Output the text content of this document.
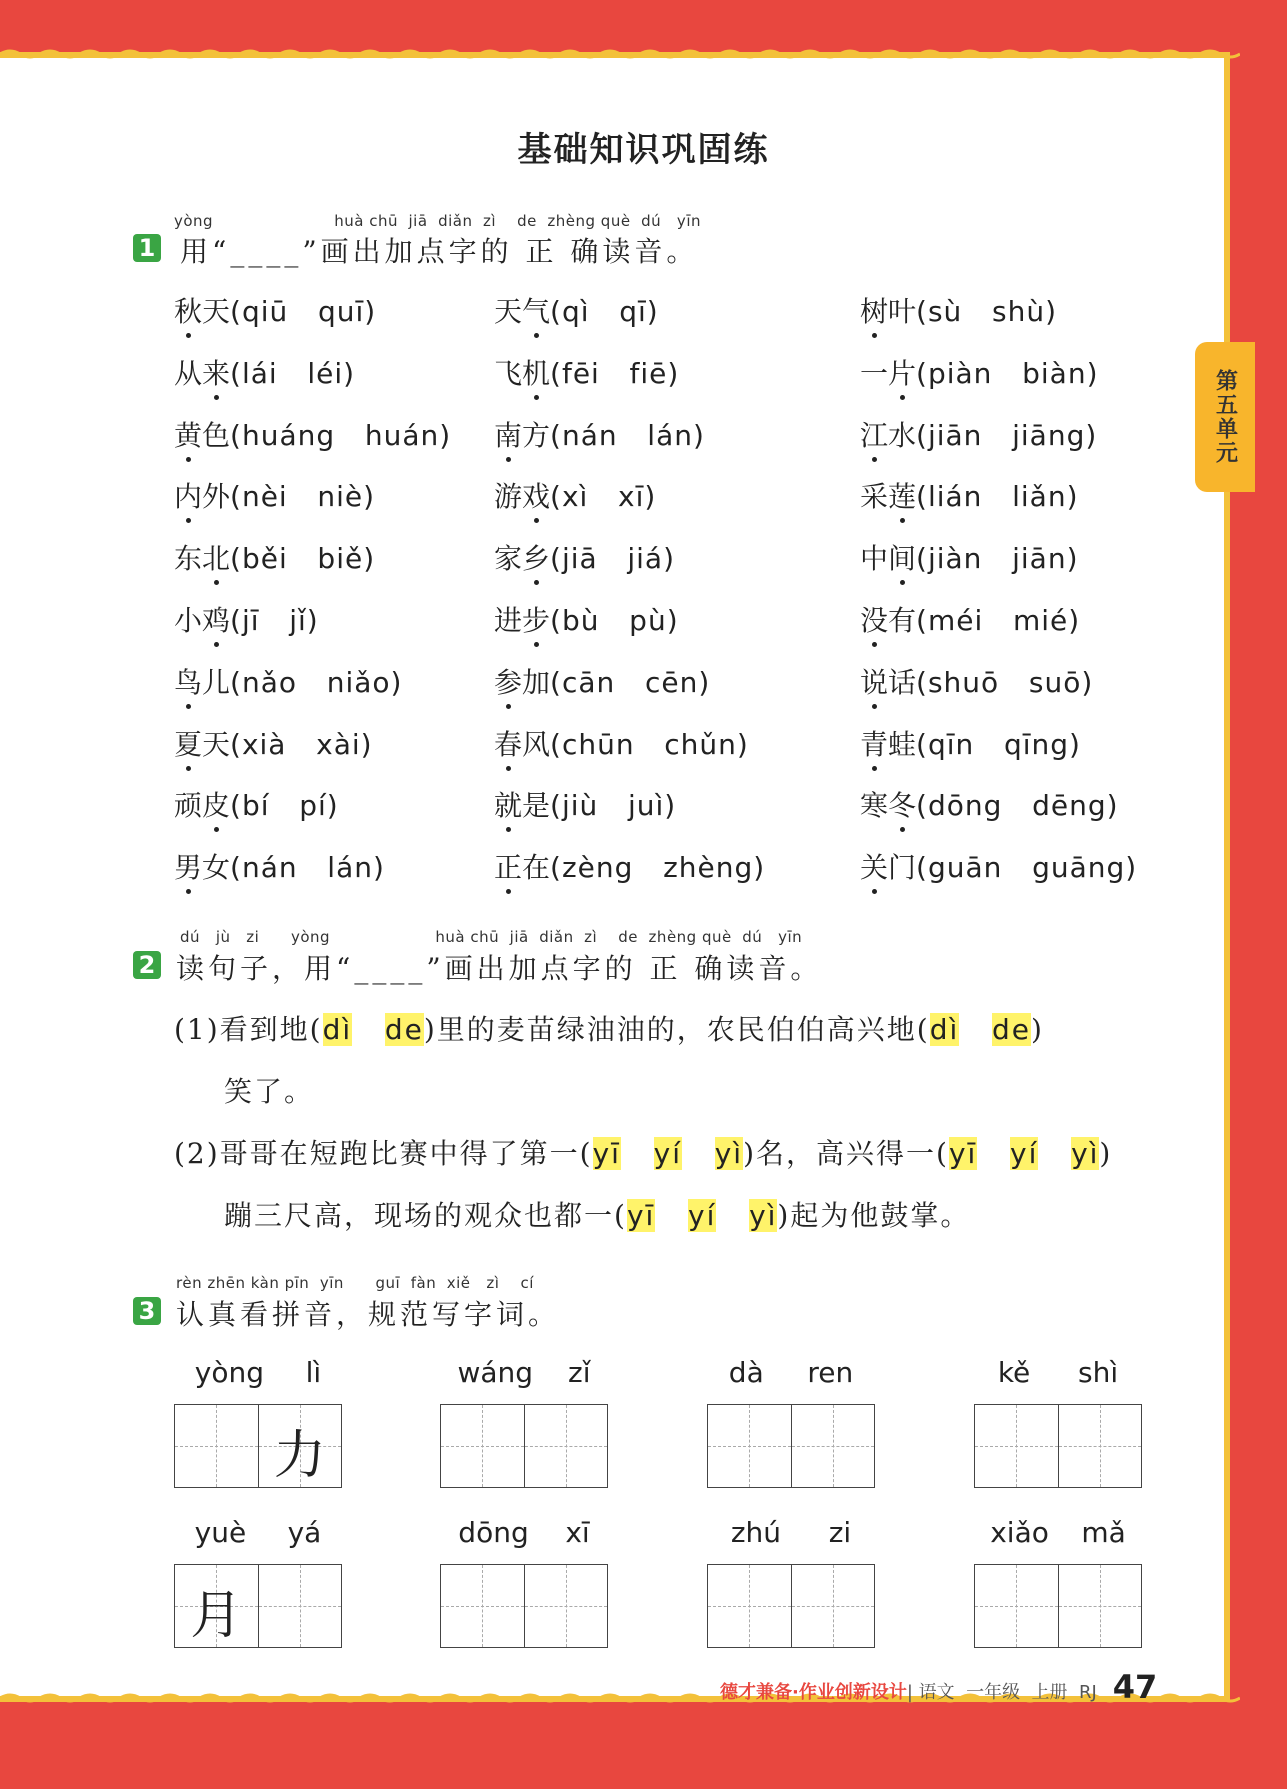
基础知识巩固练
第五单元
1
yòng                       huà chū  jiā  diǎn  zì    de  zhèng què  dú   yīn
用“____”画出加点字的 正 确读音。
秋天(qiū   quī)	天气(qì   qī)	树叶(sù   shù)
从来(lái   léi)	飞机(fēi   fiē)	一片(piàn   biàn)
黄色(huáng   huán) 南方(nán   lán)	江水(jiān   jiāng)
内外(nèi   niè)	游戏(xì   xī)	采莲(lián   liǎn)
东北(běi   biě)	家乡(jiā   jiá)	中间(jiàn   jiān)
小鸡(jī   jǐ)	进步(bù   pù)	没有(méi   mié)
鸟儿(nǎo   niǎo)	参加(cān   cēn)	说话(shuō   suō)
夏天(xià   xài)	春风(chūn   chǔn)	青蛙(qīn   qīng)
顽皮(bí   pí)	就是(jiù   juì)	寒冬(dōng   dēng)
男女(nán   lán)	正在(zèng   zhèng)	关门(guān   guāng)
2
dú   jù   zi      yòng                    huà chū  jiā  diǎn  zì    de  zhèng què  dú   yīn
读句子，用“____”画出加点字的 正 确读音。
(1)看到地(dì de)里的麦苗绿油油的，农民伯伯高兴地(dì de)
笑了。
(2)哥哥在短跑比赛中得了第一(yī yí yì)名，高兴得一(yī yí yì)
蹦三尺高，现场的观众也都一(yī yí yì)起为他鼓掌。
3
rèn zhēn kàn pīn  yīn      guī  fàn  xiě   zì    cí
认真看拼音，规范写字词。
yòng lì
力
wáng zǐ	dà ren	kě shì
yuè yá
月
dōng xī	zhú zi	xiǎo mǎ
德才兼备·作业创新设计| 语文  一年级  上册  RJ 47
